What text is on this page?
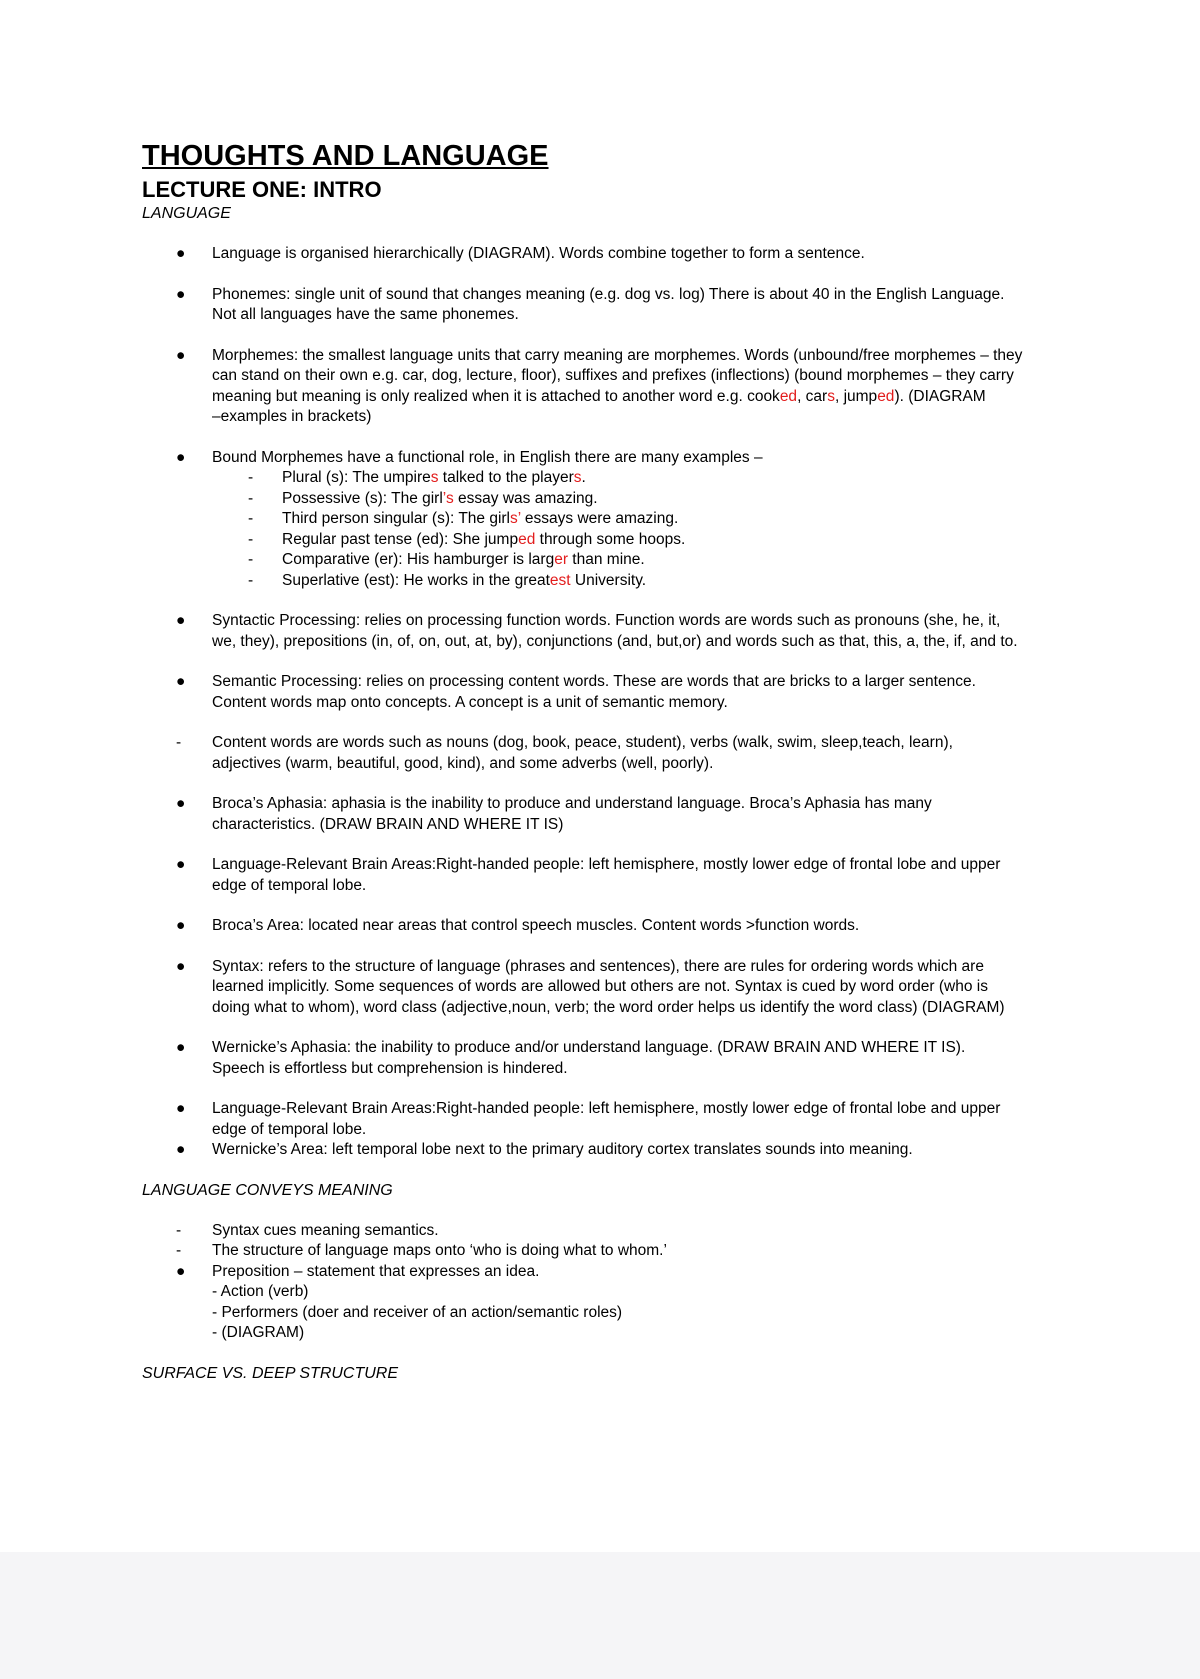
THOUGHTS AND LANGUAGE
LECTURE ONE: INTRO
LANGUAGE
● Language is organised hierarchically (DIAGRAM). Words combine together to form a sentence.
● Phonemes: single unit of sound that changes meaning (e.g. dog vs. log) There is about 40 in the English Language.
Not all languages have the same phonemes.
● Morphemes: the smallest language units that carry meaning are morphemes. Words (unbound/free morphemes – they
can stand on their own e.g. car, dog, lecture, floor), suffixes and prefixes (inflections) (bound morphemes – they carry
meaning but meaning is only realized when it is attached to another word e.g. cooked, cars, jumped). (DIAGRAM
–examples in brackets)
● Bound Morphemes have a functional role, in English there are many examples –
- Plural (s): The umpires talked to the players.
- Possessive (s): The girl’s essay was amazing.
- Third person singular (s): The girls’ essays were amazing.
- Regular past tense (ed): She jumped through some hoops.
- Comparative (er): His hamburger is larger than mine.
- Superlative (est): He works in the greatest University.
● Syntactic Processing: relies on processing function words. Function words are words such as pronouns (she, he, it,
we, they), prepositions (in, of, on, out, at, by), conjunctions (and, but,or) and words such as that, this, a, the, if, and to.
● Semantic Processing: relies on processing content words. These are words that are bricks to a larger sentence.
Content words map onto concepts. A concept is a unit of semantic memory.
- Content words are words such as nouns (dog, book, peace, student), verbs (walk, swim, sleep,teach, learn),
adjectives (warm, beautiful, good, kind), and some adverbs (well, poorly).
● Broca’s Aphasia: aphasia is the inability to produce and understand language. Broca’s Aphasia has many
characteristics. (DRAW BRAIN AND WHERE IT IS)
● Language-Relevant Brain Areas:Right-handed people: left hemisphere, mostly lower edge of frontal lobe and upper
edge of temporal lobe.
● Broca’s Area: located near areas that control speech muscles. Content words >function words.
● Syntax: refers to the structure of language (phrases and sentences), there are rules for ordering words which are
learned implicitly. Some sequences of words are allowed but others are not. Syntax is cued by word order (who is
doing what to whom), word class (adjective,noun, verb; the word order helps us identify the word class) (DIAGRAM)
● Wernicke’s Aphasia: the inability to produce and/or understand language. (DRAW BRAIN AND WHERE IT IS).
Speech is effortless but comprehension is hindered.
● Language-Relevant Brain Areas:Right-handed people: left hemisphere, mostly lower edge of frontal lobe and upper
edge of temporal lobe.
● Wernicke’s Area: left temporal lobe next to the primary auditory cortex translates sounds into meaning.
LANGUAGE CONVEYS MEANING
- Syntax cues meaning semantics.
- The structure of language maps onto ‘who is doing what to whom.’
● Preposition – statement that expresses an idea.
- Action (verb)
- Performers (doer and receiver of an action/semantic roles)
- (DIAGRAM)
SURFACE VS. DEEP STRUCTURE
